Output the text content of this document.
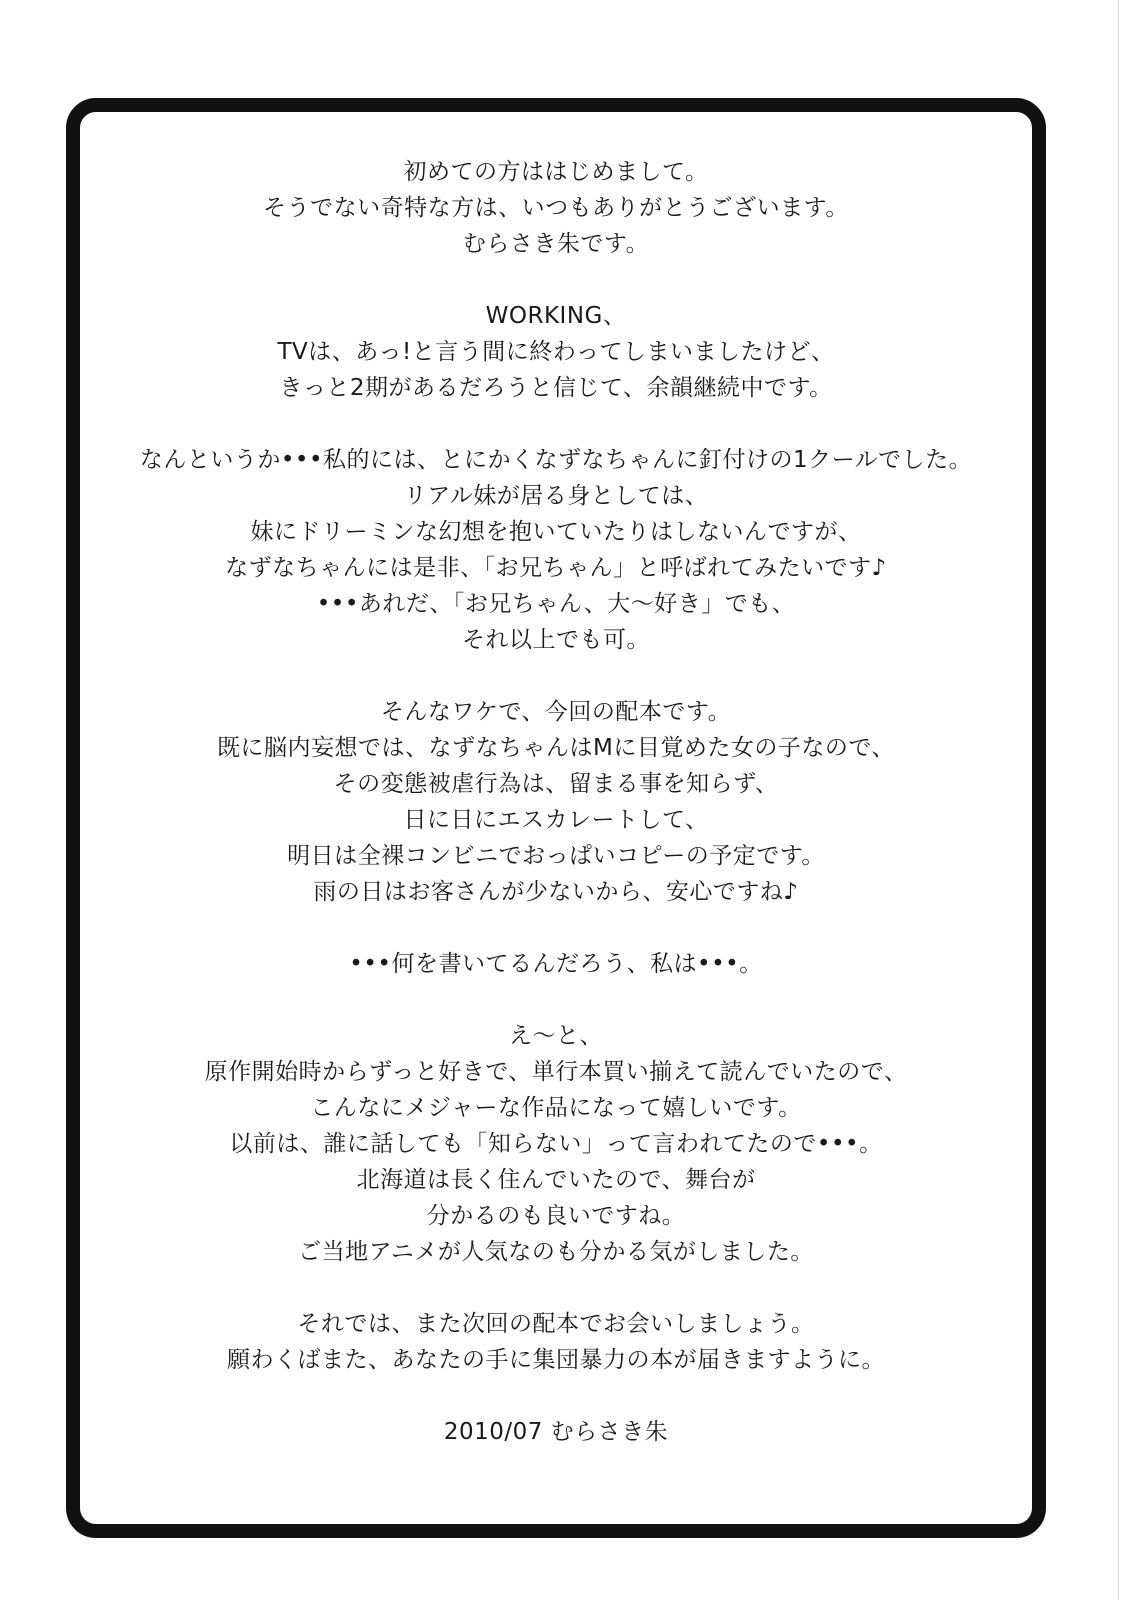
初めての方ははじめまして。
そうでない奇特な方は、いつもありがとうございます。
むらさき朱です。
WORKING、
TVは、あっ!と言う間に終わってしまいましたけど、
きっと2期があるだろうと信じて、余韻継続中です。
なんというか•••私的には、とにかくなずなちゃんに釘付けの1クールでした。
リアル妹が居る身としては、
妹にドリーミンな幻想を抱いていたりはしないんですが、
なずなちゃんには是非、「お兄ちゃん」と呼ばれてみたいです♪
•••あれだ、「お兄ちゃん、大～好き」でも、
それ以上でも可。
そんなワケで、今回の配本です。
既に脳内妄想では、なずなちゃんはMに目覚めた女の子なので、
その変態被虐行為は、留まる事を知らず、
日に日にエスカレートして、
明日は全裸コンビニでおっぱいコピーの予定です。
雨の日はお客さんが少ないから、安心ですね♪
•••何を書いてるんだろう、私は•••。
え～と、
原作開始時からずっと好きで、単行本買い揃えて読んでいたので、
こんなにメジャーな作品になって嬉しいです。
以前は、誰に話しても「知らない」って言われてたので•••。
北海道は長く住んでいたので、舞台が
分かるのも良いですね。
ご当地アニメが人気なのも分かる気がしました。
それでは、また次回の配本でお会いしましょう。
願わくばまた、あなたの手に集団暴力の本が届きますように。
2010/07 むらさき朱
